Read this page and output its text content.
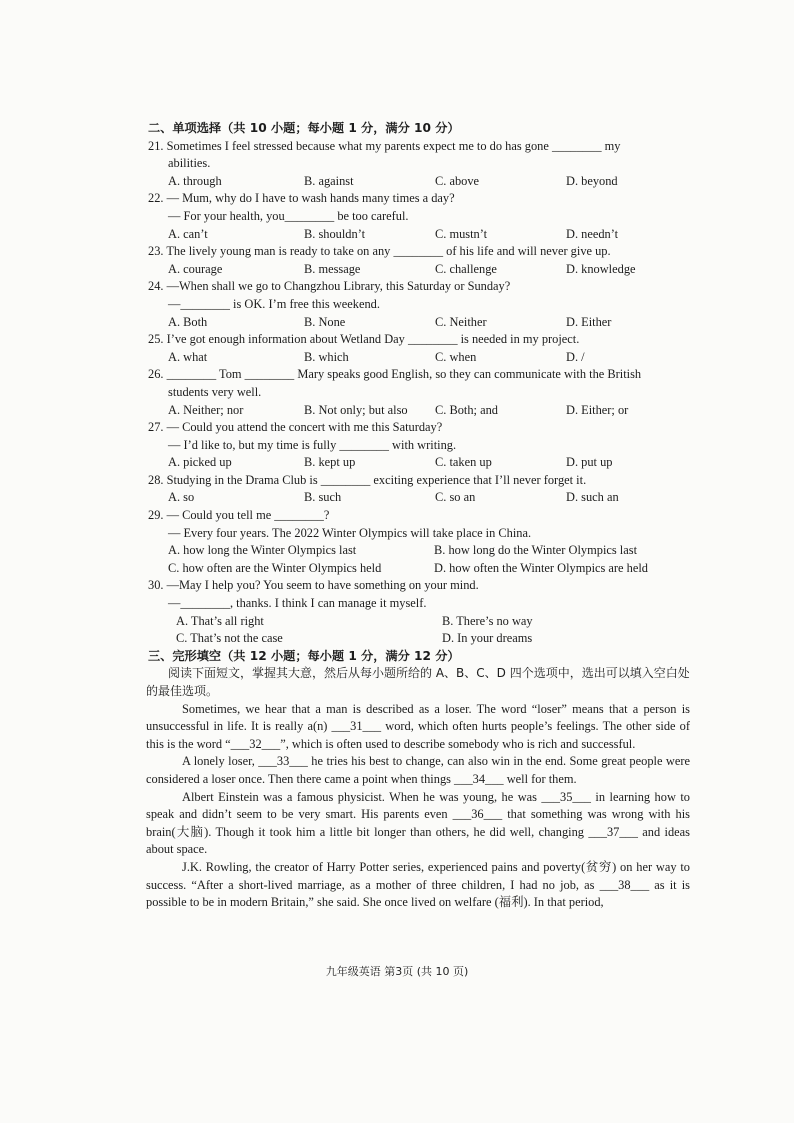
二、单项选择（共 10 小题；每小题 1 分，满分 10 分）
21. Sometimes I feel stressed because what my parents expect me to do has gone ________ my
abilities.
A. through	B. against	C. above	D. beyond
22. — Mum, why do I have to wash hands many times a day?
— For your health, you________ be too careful.
A. can’t	B. shouldn’t	C. mustn’t	D. needn’t
23. The lively young man is ready to take on any ________ of his life and will never give up.
A. courage	B. message	C. challenge	D. knowledge
24. —When shall we go to Changzhou Library, this Saturday or Sunday?
—________ is OK. I’m free this weekend.
A. Both	B. None	C. Neither	D. Either
25. I’ve got enough information about Wetland Day ________ is needed in my project.
A. what	B. which	C. when	D. /
26. ________ Tom ________ Mary speaks good English, so they can communicate with the British
students very well.
A. Neither; nor	B. Not only; but also	C. Both; and	D. Either; or
27. — Could you attend the concert with me this Saturday?
— I’d like to, but my time is fully ________ with writing.
A. picked up	B. kept up	C. taken up	D. put up
28. Studying in the Drama Club is ________ exciting experience that I’ll never forget it.
A. so	B. such	C. so an	D. such an
29. — Could you tell me ________?
— Every four years. The 2022 Winter Olympics will take place in China.
A. how long the Winter Olympics last	B. how long do the Winter Olympics last
C. how often are the Winter Olympics held	D. how often the Winter Olympics are held
30. —May I help you? You seem to have something on your mind.
—________, thanks. I think I can manage it myself.
A. That’s all right	B. There’s no way
C. That’s not the case	D. In your dreams
三、完形填空（共 12 小题；每小题 1 分，满分 12 分）
阅读下面短文，掌握其大意，然后从每小题所给的 A、B、C、D 四个选项中，选出可以填入空白处的最佳选项。
Sometimes, we hear that a man is described as a loser. The word “loser” means that a person is unsuccessful in life. It is really a(n) ___31___ word, which often hurts people’s feelings. The other side of this is the word “___32___”, which is often used to describe somebody who is rich and successful.
A lonely loser, ___33___ he tries his best to change, can also win in the end. Some great people were considered a loser once. Then there came a point when things ___34___ well for them.
Albert Einstein was a famous physicist. When he was young, he was ___35___ in learning how to speak and didn’t seem to be very smart. His parents even ___36___ that something was wrong with his brain(大脑). Though it took him a little bit longer than others, he did well, changing ___37___ and ideas about space.
J.K. Rowling, the creator of Harry Potter series, experienced pains and poverty(贫穷) on her way to success. “After a short-lived marriage, as a mother of three children, I had no job, as ___38___ as it is possible to be in modern Britain,” she said. She once lived on welfare (福利). In that period,
九年级英语 第3页 (共 10 页)
